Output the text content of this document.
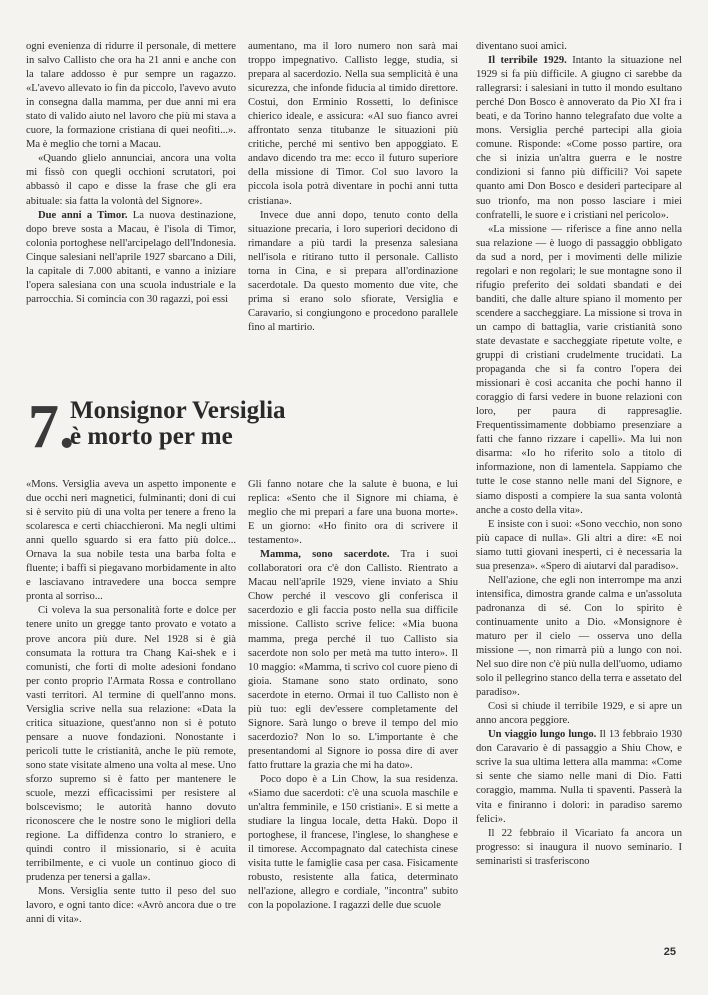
ogni evenienza di ridurre il personale, di mettere in salvo Callisto che ora ha 21 anni e anche con la talare addosso è pur sempre un ragazzo. «L'avevo allevato io fin da piccolo, l'avevo avuto in consegna dalla mamma, per due anni mi era stato di valido aiuto nel lavoro che più mi stava a cuore, la formazione cristiana di quei neofiti...». Ma è meglio che torni a Macau.

«Quando glielo annunciai, ancora una volta mi fissò con quegli occhioni scrutatori, poi abbassò il capo e disse la frase che gli era abituale: sia fatta la volontà del Signore».

Due anni a Timor. La nuova destinazione, dopo breve sosta a Macau, è l'isola di Timor, colonia portoghese nell'arcipelago dell'Indonesia. Cinque salesiani nell'aprile 1927 sbarcano a Dili, la capitale di 7.000 abitanti, e vanno a iniziare l'opera salesiana con una scuola industriale e la parrocchia. Si comincia con 30 ragazzi, poi essi

aumentano, ma il loro numero non sarà mai troppo impegnativo. Callisto legge, studia, si prepara al sacerdozio. Nella sua semplicità è una sicurezza, che infonde fiducia al timido direttore. Costui, don Erminio Rossetti, lo definisce chierico ideale, e assicura: «Al suo fianco avrei affrontato senza titubanze le situazioni più critiche, perché mi sentivo ben appoggiato. E andavo dicendo tra me: ecco il futuro superiore della missione di Timor. Col suo lavoro la piccola isola potrà diventare in pochi anni tutta cristiana».

Invece due anni dopo, tenuto conto della situazione precaria, i loro superiori decidono di rimandare a più tardi la presenza salesiana nell'isola e ritirano tutto il personale. Callisto torna in Cina, e si prepara all'ordinazione sacerdotale. Da questo momento due vite, che prima si erano solo sfiorate, Versiglia e Caravario, si congiungono e procedono parallele fino al martirio.

diventano suoi amici.

Il terribile 1929. Intanto la situazione nel 1929 si fa più difficile. A giugno ci sarebbe da rallegrarsi: i salesiani in tutto il mondo esultano perché Don Bosco è annoverato da Pio XI fra i beati, e da Torino hanno telegrafato due volte a mons. Versiglia perché partecipi alla gioia comune. Risponde: «Come posso partire, ora che si inizia un'altra guerra e le nostre condizioni si fanno più difficili? Voi sapete quanto ami Don Bosco e desideri partecipare al suo trionfo, ma non posso lasciare i miei confratelli, le suore e i cristiani nel pericolo».

«La missione — riferisce a fine anno nella sua relazione — è luogo di passaggio obbligato da sud a nord, per i movimenti delle milizie regolari e non regolari; le sue montagne sono il rifugio preferito dei soldati sbandati e dei banditi, che dalle alture spiano il momento per scendere a saccheggiare. La missione si trova in un campo di battaglia, varie cristianità sono state devastate e saccheggiate ripetute volte, e gruppi di cristiani crudelmente trucidati. La propaganda che si fa contro l'opera dei missionari è così accanita che pochi hanno il coraggio di farsi vedere in buone relazioni con loro, per paura di rappresaglie. Frequentissimamente dobbiamo presenziare a fatti che fanno rizzare i capelli». Ma lui non disarma: «Io ho riferito solo a titolo di informazione, non di lamentela. Sappiamo che tutte le cose stanno nelle mani del Signore, e siamo disposti a compiere la sua santa volontà anche a costo della vita».

E insiste con i suoi: «Sono vecchio, non sono più capace di nulla». Gli altri a dire: «E noi siamo tutti giovani inesperti, ci è necessaria la sua presenza». «Spero di aiutarvi dal paradiso».

Nell'azione, che egli non interrompe ma anzi intensifica, dimostra grande calma e un'assoluta padronanza di sé. Con lo spirito è continuamente unito a Dio. «Monsignore è maturo per il cielo — osserva uno della missione —, non rimarrà più a lungo con noi. Nel suo dire non c'è più nulla dell'uomo, udiamo solo il pellegrino stanco della terra e assetato del paradiso».

Così si chiude il terribile 1929, e si apre un anno ancora peggiore.

Un viaggio lungo lungo. Il 13 febbraio 1930 don Caravario è di passaggio a Shiu Chow, e scrive la sua ultima lettera alla mamma: «Come si sente che siamo nelle mani di Dio. Fatti coraggio, mamma. Nulla ti spaventi. Passerà la vita e finiranno i dolori: in paradiso saremo felici».

Il 22 febbraio il Vicariato fa ancora un progresso: si inaugura il nuovo seminario. I seminaristi si trasferiscono

7.
Monsignor Versiglia
è morto per me

«Mons. Versiglia aveva un aspetto imponente e due occhi neri magnetici, fulminanti; doni di cui si è servito più di una volta per tenere a freno la scolaresca e certi chiacchieroni. Ma negli ultimi anni quello sguardo si era fatto più dolce... Ornava la sua nobile testa una barba folta e fluente; i baffi si piegavano morbidamente in alto e lasciavano intravedere una bocca sempre pronta al sorriso...

Ci voleva la sua personalità forte e dolce per tenere unito un gregge tanto provato e votato a prove ancora più dure. Nel 1928 si è già consumata la rottura tra Chang Kai-shek e i comunisti, che forti di molte adesioni fondano per conto proprio l'Armata Rossa e controllano vasti territori. Al termine di quell'anno mons. Versiglia scrive nella sua relazione: «Data la critica situazione, quest'anno non si è potuto pensare a nuove fondazioni. Nonostante i pericoli tutte le cristianità, anche le più remote, sono state visitate almeno una volta al mese. Uno sforzo supremo si è fatto per mantenere le scuole, mezzi efficacissimi per resistere al bolscevismo; le autorità hanno dovuto riconoscere che le nostre sono le migliori della regione. La diffidenza contro lo straniero, e quindi contro il missionario, si è acuita terribilmente, e ci vuole un continuo gioco di prudenza per tenersi a galla».

Mons. Versiglia sente tutto il peso del suo lavoro, e ogni tanto dice: «Avrò ancora due o tre anni di vita».

Gli fanno notare che la salute è buona, e lui replica: «Sento che il Signore mi chiama, è meglio che mi prepari a fare una buona morte». E un giorno: «Ho finito ora di scrivere il testamento».

Mamma, sono sacerdote. Tra i suoi collaboratori ora c'è don Callisto. Rientrato a Macau nell'aprile 1929, viene inviato a Shiu Chow perché il vescovo gli conferisca il sacerdozio e gli faccia posto nella sua difficile missione. Callisto scrive felice: «Mia buona mamma, prega perché il tuo Callisto sia sacerdote non solo per metà ma tutto intero». Il 10 maggio: «Mamma, ti scrivo col cuore pieno di gioia. Stamane sono stato ordinato, sono sacerdote in eterno. Ormai il tuo Callisto non è più tuo: egli dev'essere completamente del Signore. Sarà lungo o breve il tempo del mio sacerdozio? Non lo so. L'importante è che presentandomi al Signore io possa dire di aver fatto fruttare la grazia che mi ha dato».

Poco dopo è a Lin Chow, la sua residenza. «Siamo due sacerdoti: c'è una scuola maschile e un'altra femminile, e 150 cristiani». E si mette a studiare la lingua locale, detta Hakù. Dopo il portoghese, il francese, l'inglese, lo shanghese e il timorese. Accompagnato dal catechista cinese visita tutte le famiglie casa per casa. Fisicamente robusto, resistente alla fatica, determinato nell'azione, allegro e cordiale, "incontra" subito con la popolazione. I ragazzi delle due scuole

25
